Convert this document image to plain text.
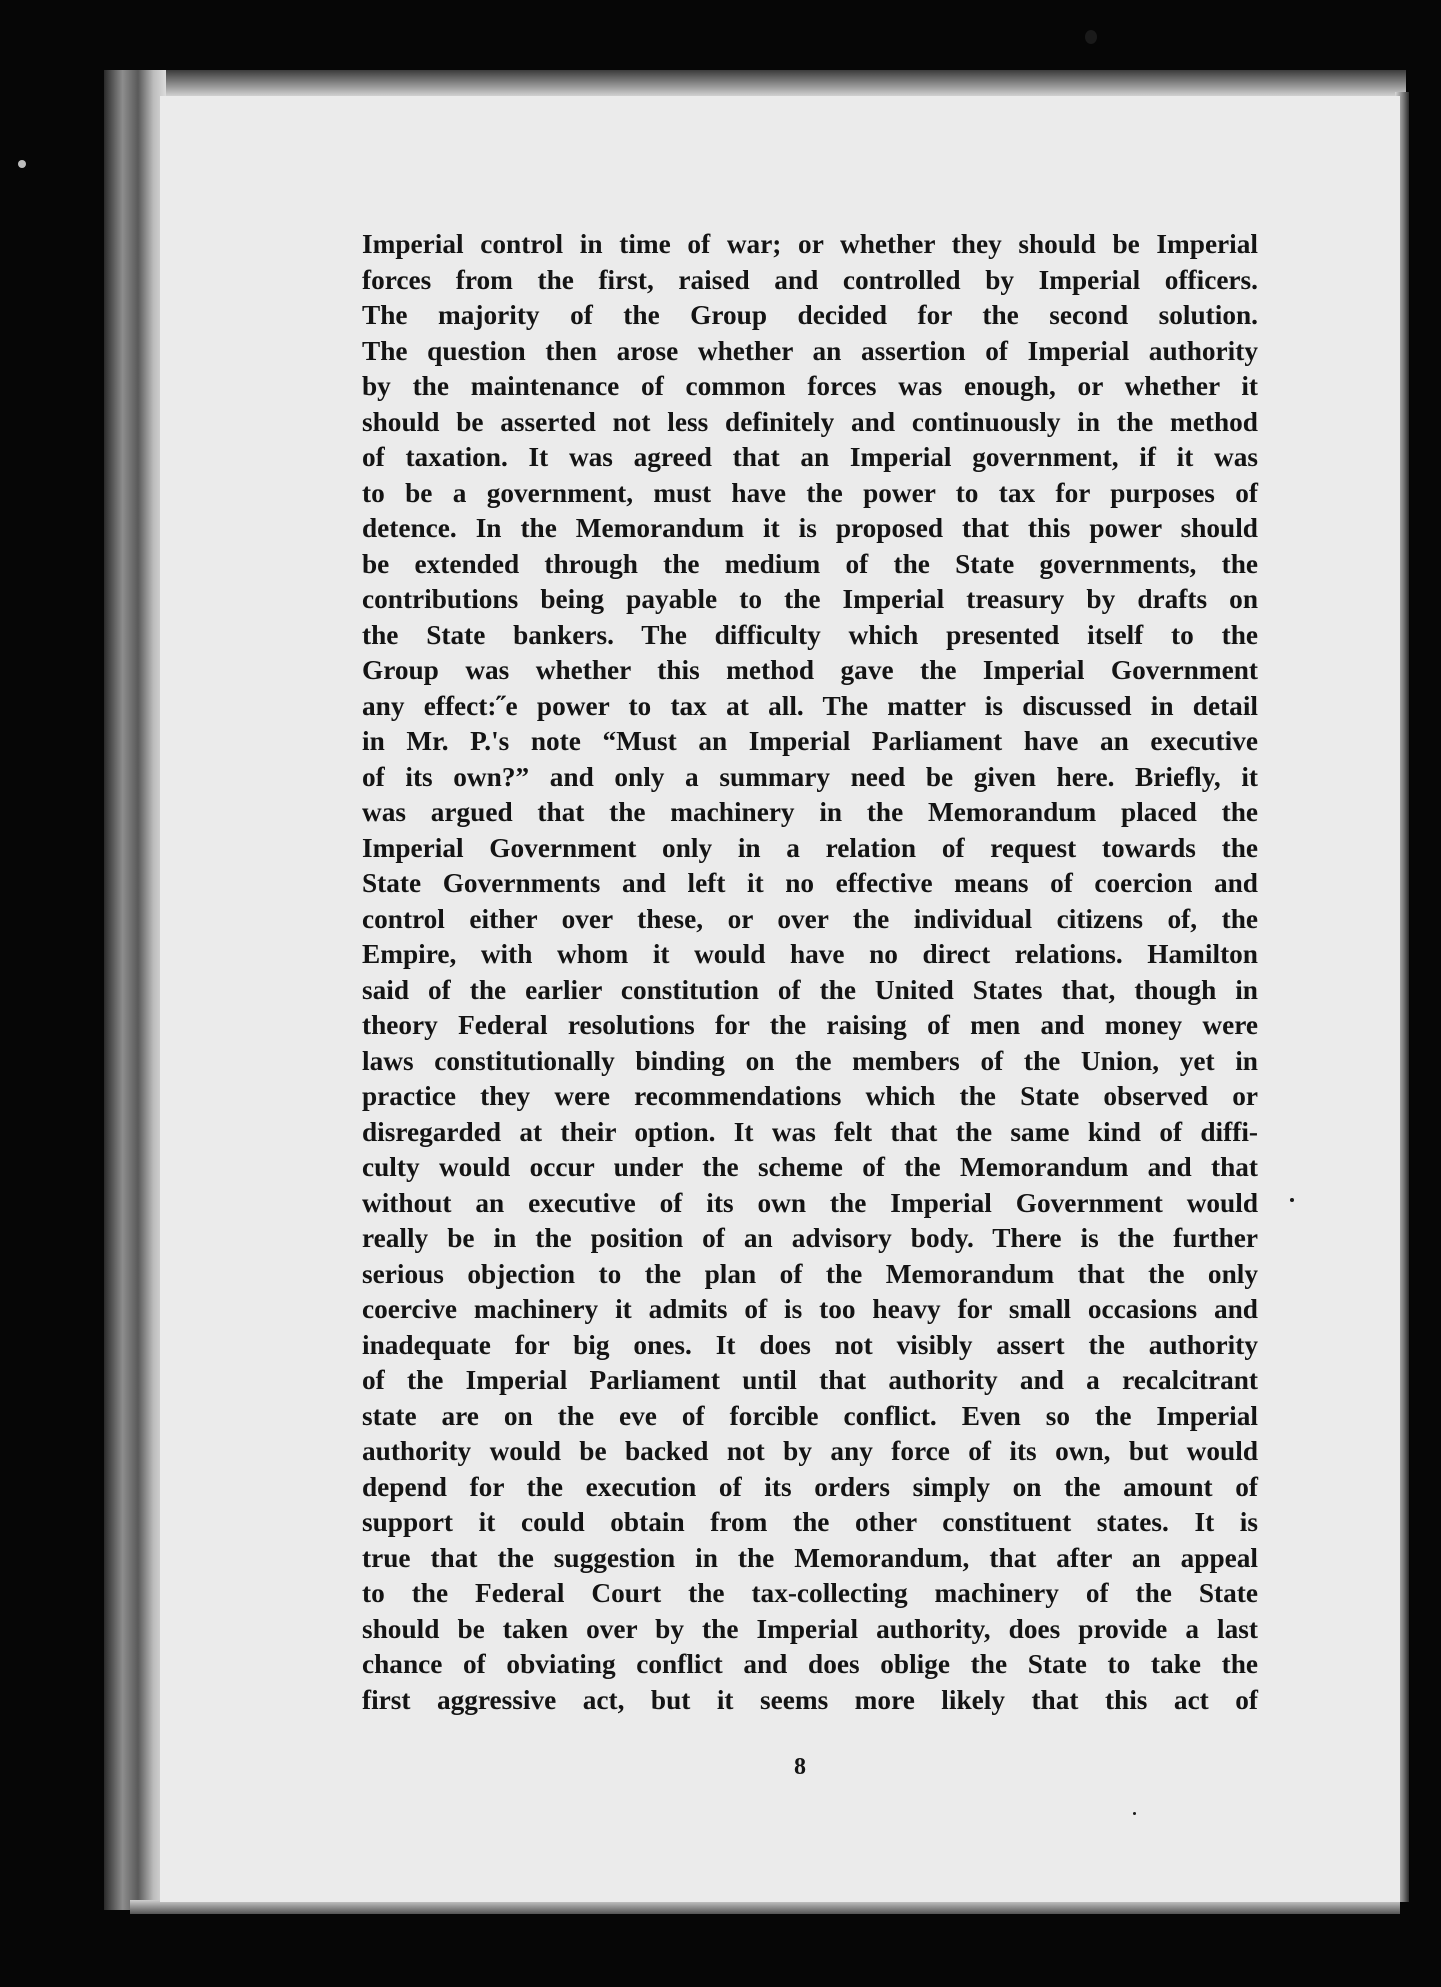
Imperial control in time of war; or whether they should be Imperial
forces from the first, raised and controlled by Imperial officers.
The majority of the Group decided for the second solution.
The question then arose whether an assertion of Imperial authority
by the maintenance of common forces was enough, or whether it
should be asserted not less definitely and continuously in the method
of taxation. It was agreed that an Imperial government, if it was
to be a government, must have the power to tax for purposes of
detence. In the Memorandum it is proposed that this power should
be extended through the medium of the State governments, the
contributions being payable to the Imperial treasury by drafts on
the State bankers. The difficulty which presented itself to the
Group was whether this method gave the Imperial Government
any effect:˝e power to tax at all. The matter is discussed in detail
in Mr. P.'s note “Must an Imperial Parliament have an executive
of its own?” and only a summary need be given here. Briefly, it
was argued that the machinery in the Memorandum placed the
Imperial Government only in a relation of request towards the
State Governments and left it no effective means of coercion and
control either over these, or over the individual citizens of, the
Empire, with whom it would have no direct relations. Hamilton
said of the earlier constitution of the United States that, though in
theory Federal resolutions for the raising of men and money were
laws constitutionally binding on the members of the Union, yet in
practice they were recommendations which the State observed or
disregarded at their option. It was felt that the same kind of diffi-
culty would occur under the scheme of the Memorandum and that
without an executive of its own the Imperial Government would
really be in the position of an advisory body. There is the further
serious objection to the plan of the Memorandum that the only
coercive machinery it admits of is too heavy for small occasions and
inadequate for big ones. It does not visibly assert the authority
of the Imperial Parliament until that authority and a recalcitrant
state are on the eve of forcible conflict. Even so the Imperial
authority would be backed not by any force of its own, but would
depend for the execution of its orders simply on the amount of
support it could obtain from the other constituent states. It is
true that the suggestion in the Memorandum, that after an appeal
to the Federal Court the tax-collecting machinery of the State
should be taken over by the Imperial authority, does provide a last
chance of obviating conflict and does oblige the State to take the
first aggressive act, but it seems more likely that this act of
8
